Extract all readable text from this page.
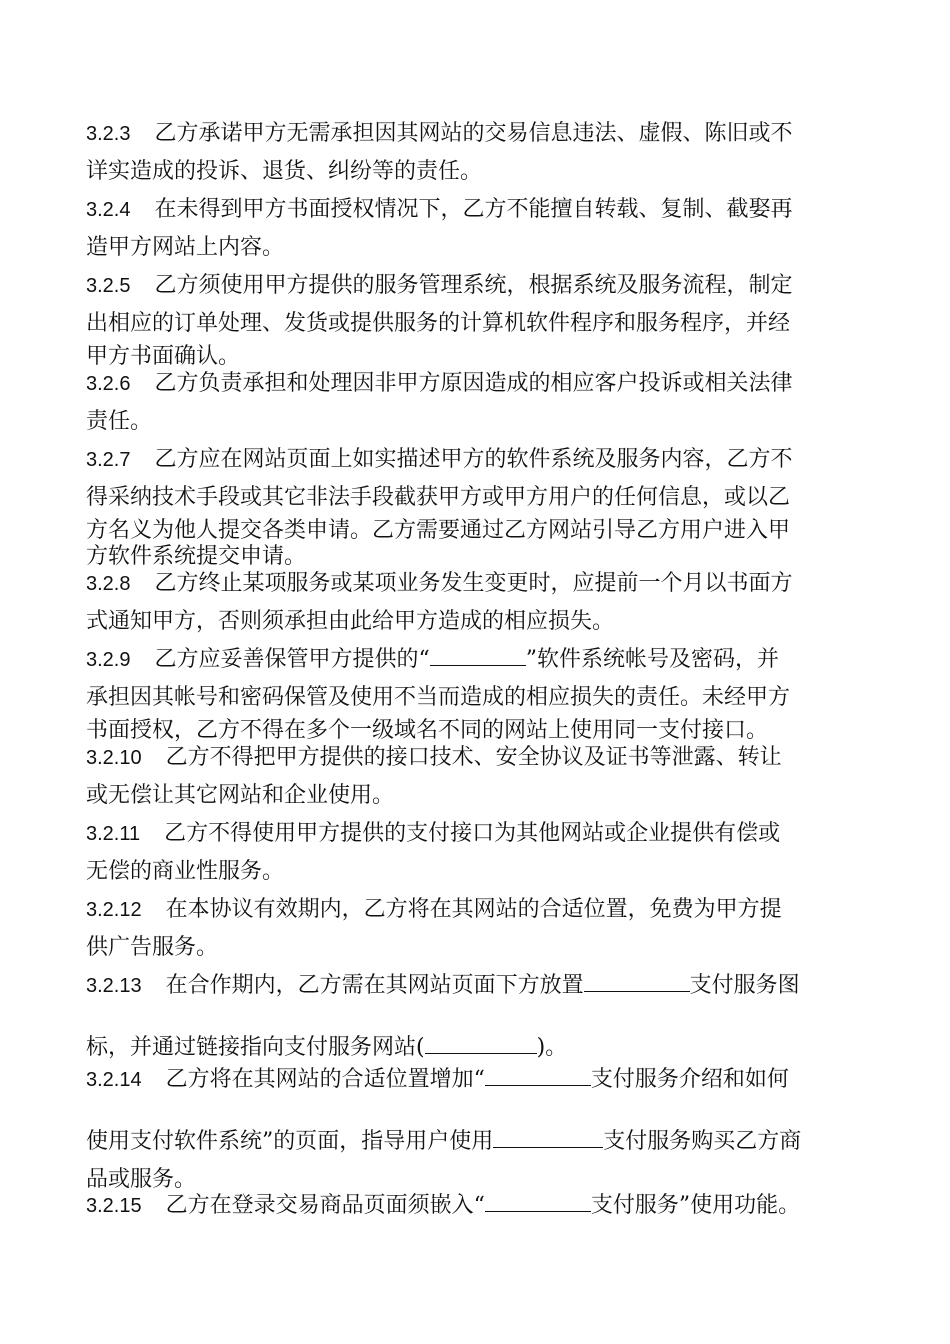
3.2.3 乙方承诺甲方无需承担因其网站的交易信息违法、虚假、陈旧或不
详实造成的投诉、退货、纠纷等的责任。
3.2.4 在未得到甲方书面授权情况下，乙方不能擅自转载、复制、截娶再
造甲方网站上内容。
3.2.5 乙方须使用甲方提供的服务管理系统，根据系统及服务流程，制定
出相应的订单处理、发货或提供服务的计算机软件程序和服务程序，并经
甲方书面确认。
3.2.6 乙方负责承担和处理因非甲方原因造成的相应客户投诉或相关法律
责任。
3.2.7 乙方应在网站页面上如实描述甲方的软件系统及服务内容，乙方不
得采纳技术手段或其它非法手段截获甲方或甲方用户的任何信息，或以乙
方名义为他人提交各类申请。乙方需要通过乙方网站引导乙方用户进入甲
方软件系统提交申请。
3.2.8 乙方终止某项服务或某项业务发生变更时，应提前一个月以书面方
式通知甲方，否则须承担由此给甲方造成的相应损失。
3.2.9 乙方应妥善保管甲方提供的“	”软件系统帐号及密码，并
承担因其帐号和密码保管及使用不当而造成的相应损失的责任。未经甲方
书面授权，乙方不得在多个一级域名不同的网站上使用同一支付接口。
3.2.10 乙方不得把甲方提供的接口技术、安全协议及证书等泄露、转让
或无偿让其它网站和企业使用。
3.2.11 乙方不得使用甲方提供的支付接口为其他网站或企业提供有偿或
无偿的商业性服务。
3.2.12 在本协议有效期内，乙方将在其网站的合适位置，免费为甲方提
供广告服务。
3.2.13 在合作期内，乙方需在其网站页面下方放置	支付服务图
标，并通过链接指向支付服务网站(	)。
3.2.14 乙方将在其网站的合适位置增加“	支付服务介绍和如何
使用支付软件系统”的页面，指导用户使用	支付服务购买乙方商
品或服务。
3.2.15 乙方在登录交易商品页面须嵌入“	支付服务”使用功能。
